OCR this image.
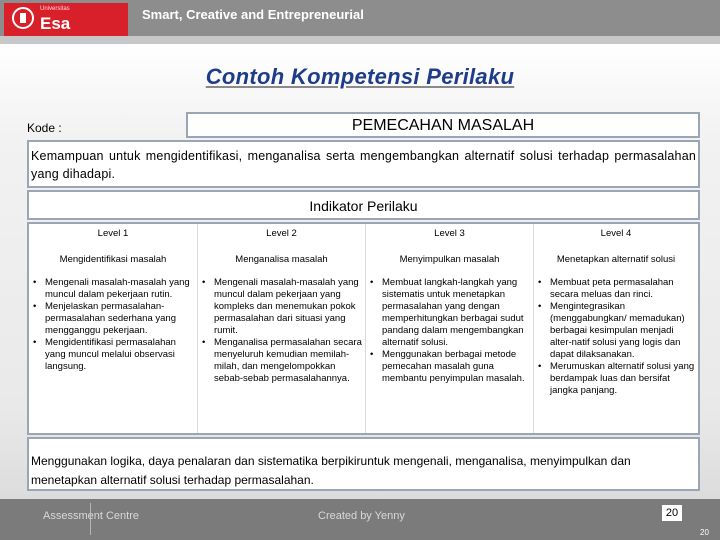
Universitas
Esa	Smart, Creative and Entrepreneurial
Contoh Kompetensi Perilaku
Kode :	PEMECAHAN MASALAH
Kemampuan untuk mengidentifikasi, menganalisa serta mengembangkan alternatif solusi terhadap permasalahan yang dihadapi.
Indikator Perilaku
Level 1
Mengidentifikasi masalah
• Mengenali masalah-masalah yang muncul dalam pekerjaan rutin.
• Menjelaskan permasalahan-permasalahan sederhana yang mengganggu pekerjaan.
• Mengidentifikasi permasalahan yang muncul melalui observasi langsung.
Level 2
Menganalisa masalah
• Mengenali masalah-masalah yang muncul dalam pekerjaan yang kompleks dan menemukan pokok permasalahan dari situasi yang rumit.
• Menganalisa permasalahan secara menyeluruh kemudian memilah-milah, dan mengelompokkan sebab-sebab permasalahannya.
Level 3
Menyimpulkan masalah
• Membuat langkah-langkah yang sistematis untuk menetapkan permasalahan yang dengan memperhitungkan berbagai sudut pandang dalam mengembangkan alternatif solusi.
• Menggunakan berbagai metode pemecahan masalah guna membantu penyimpulan masalah.
Level 4
Menetapkan alternatif solusi
• Membuat peta permasalahan secara meluas dan rinci.
• Mengintegrasikan (menggabungkan/ memadukan) berbagai kesimpulan menjadi alter-natif solusi yang logis dan dapat dilaksanakan.
• Merumuskan alternatif solusi yang berdampak luas dan bersifat jangka panjang.
Menggunakan logika, daya penalaran dan sistematika berpikiruntuk mengenali, menganalisa, menyimpulkan dan menetapkan alternatif solusi terhadap permasalahan.
Assessment Centre	Created by Yenny	20
20
